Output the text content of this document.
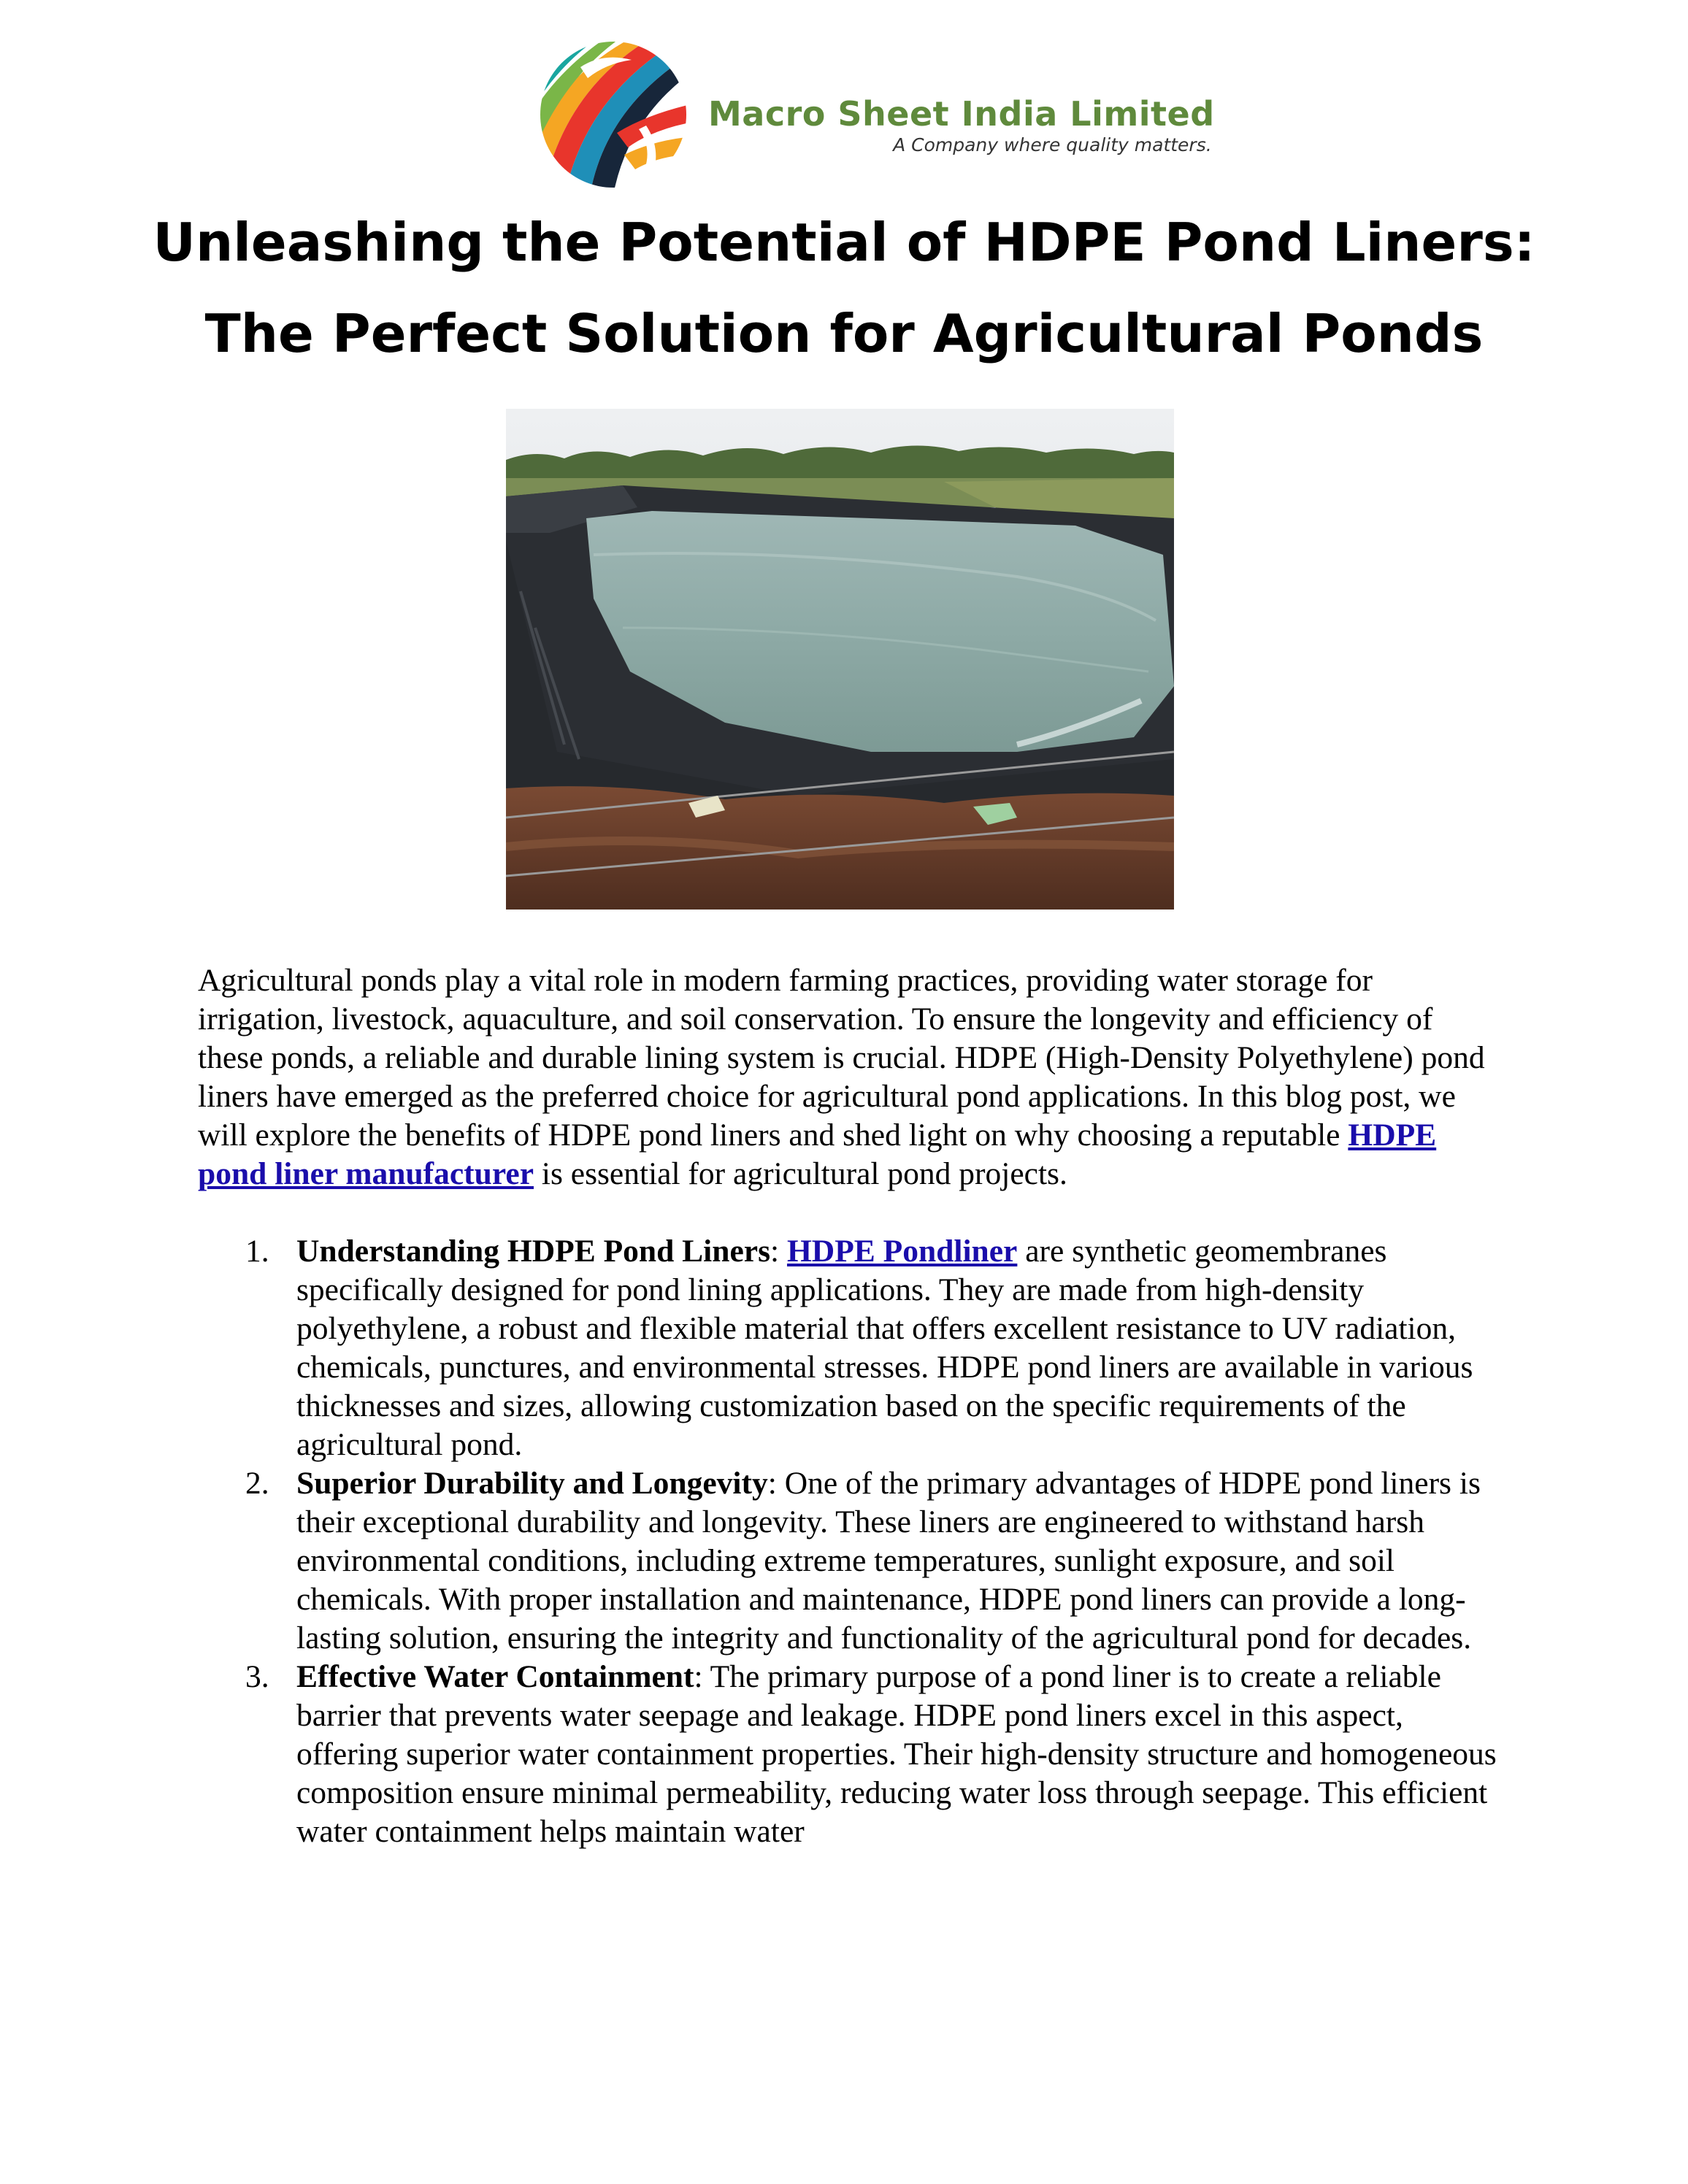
Macro Sheet India Limited
A Company where quality matters.
Unleashing the Potential of HDPE Pond Liners:
The Perfect Solution for Agricultural Ponds

Agricultural ponds play a vital role in modern farming practices, providing water storage for irrigation, livestock, aquaculture, and soil conservation. To ensure the longevity and efficiency of these ponds, a reliable and durable lining system is crucial. HDPE (High-Density Polyethylene) pond liners have emerged as the preferred choice for agricultural pond applications. In this blog post, we will explore the benefits of HDPE pond liners and shed light on why choosing a reputable HDPE pond liner manufacturer is essential for agricultural pond projects.

1. Understanding HDPE Pond Liners: HDPE Pondliner are synthetic geomembranes specifically designed for pond lining applications. They are made from high-density polyethylene, a robust and flexible material that offers excellent resistance to UV radiation, chemicals, punctures, and environmental stresses. HDPE pond liners are available in various thicknesses and sizes, allowing customization based on the specific requirements of the agricultural pond.
2. Superior Durability and Longevity: One of the primary advantages of HDPE pond liners is their exceptional durability and longevity. These liners are engineered to withstand harsh environmental conditions, including extreme temperatures, sunlight exposure, and soil chemicals. With proper installation and maintenance, HDPE pond liners can provide a long-lasting solution, ensuring the integrity and functionality of the agricultural pond for decades.
3. Effective Water Containment: The primary purpose of a pond liner is to create a reliable barrier that prevents water seepage and leakage. HDPE pond liners excel in this aspect, offering superior water containment properties. Their high-density structure and homogeneous composition ensure minimal permeability, reducing water loss through seepage. This efficient water containment helps maintain water
